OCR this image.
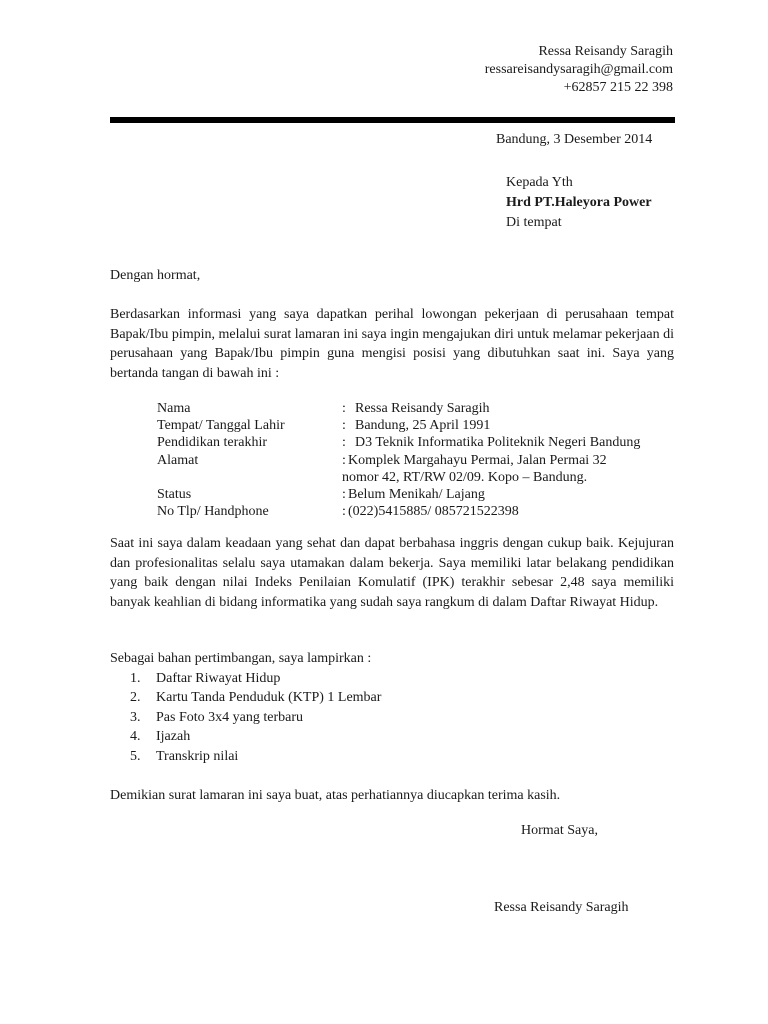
Ressa Reisandy Saragih
ressareisandysaragih@gmail.com
+62857 215 22 398
Bandung, 3 Desember 2014
Kepada Yth
Hrd PT.Haleyora Power
Di tempat
Dengan hormat,

Berdasarkan informasi yang saya dapatkan perihal lowongan pekerjaan di perusahaan tempat Bapak/Ibu pimpin, melalui surat lamaran ini saya ingin mengajukan diri untuk melamar pekerjaan di perusahaan yang Bapak/Ibu pimpin guna mengisi posisi yang dibutuhkan saat ini. Saya yang bertanda tangan di bawah ini :

Nama	: Ressa Reisandy Saragih
Tempat/ Tanggal Lahir	: Bandung, 25 April 1991
Pendidikan terakhir	: D3 Teknik Informatika Politeknik Negeri Bandung
Alamat	: Komplek Margahayu Permai, Jalan Permai 32
nomor 42, RT/RW 02/09. Kopo – Bandung.
Status	: Belum Menikah/ Lajang
No Tlp/ Handphone	: (022)5415885/ 085721522398

Saat ini saya dalam keadaan yang sehat dan dapat berbahasa inggris dengan cukup baik. Kejujuran dan profesionalitas selalu saya utamakan dalam bekerja. Saya memiliki latar belakang pendidikan yang baik dengan nilai Indeks Penilaian Komulatif (IPK) terakhir sebesar 2,48 saya memiliki banyak keahlian di bidang informatika yang sudah saya rangkum di dalam Daftar Riwayat Hidup.

Sebagai bahan pertimbangan, saya lampirkan :
1. Daftar Riwayat Hidup
2. Kartu Tanda Penduduk (KTP) 1 Lembar
3. Pas Foto 3x4 yang terbaru
4. Ijazah
5. Transkrip nilai

Demikian surat lamaran ini saya buat, atas perhatiannya diucapkan terima kasih.

Hormat Saya,
Ressa Reisandy Saragih
